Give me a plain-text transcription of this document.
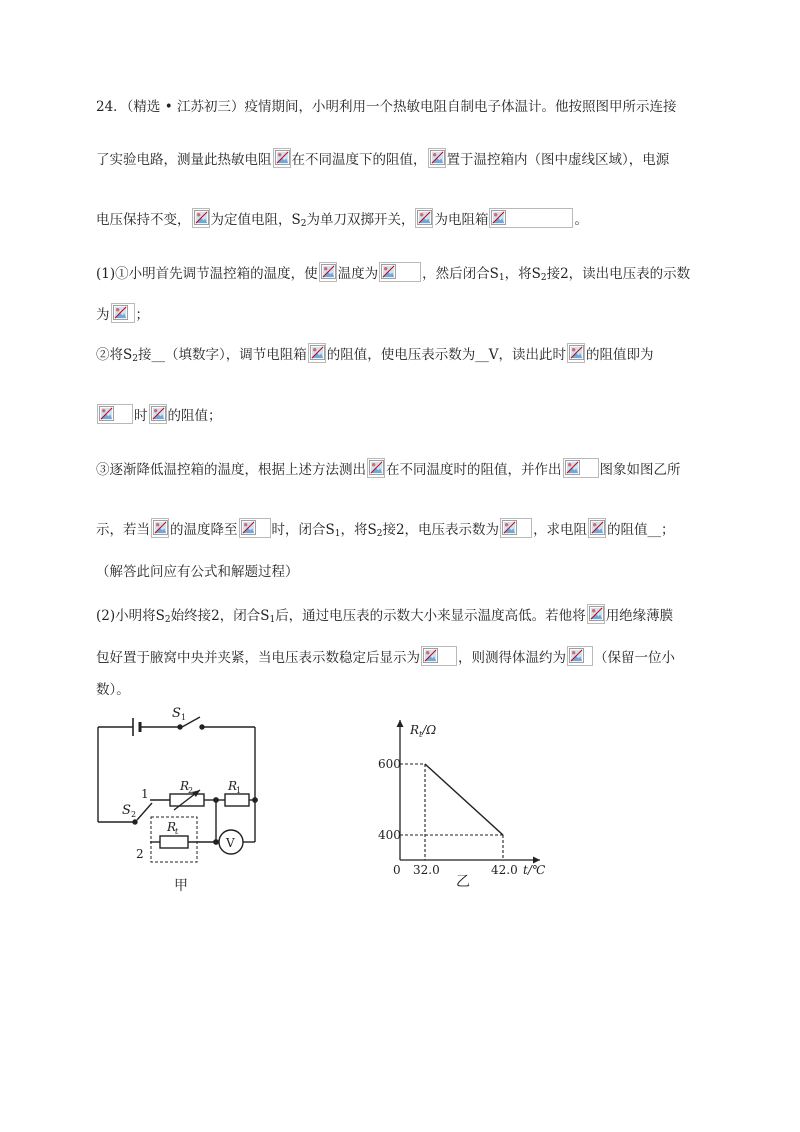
24．（精选 • 江苏初三）疫情期间，小明利用一个热敏电阻自制电子体温计。他按照图甲所示连接
了实验电路，测量此热敏电阻 在不同温度下的阻值， 置于温控箱内（图中虚线区域），电源
电压保持不变， 为定值电阻，$S_2$为单刀双掷开关， 为电阻箱	。
(1)①小明首先调节温控箱的温度，使 温度为	，然后闭合$S_1$，将$S_2$接2，读出电压表的示数
为 ；
②将$S_2$接__（填数字），调节电阻箱 的阻值，使电压表示数为__V，读出此时 的阻值即为
时 的阻值；
③逐渐降低温控箱的温度，根据上述方法测出 在不同温度时的阻值，并作出	图象如图乙所
示，若当 的温度降至	时，闭合$S_1$，将$S_2$接2，电压表示数为	，求电阻 的阻值__；
（解答此问应有公式和解题过程）
(2)小明将$S_2$始终接2，闭合$S_1$后，通过电压表的示数大小来显示温度高低。若他将 用绝缘薄膜
包好置于腋窝中央并夹紧，当电压表示数稳定后显示为	，则测得体温约为 （保留一位小
数）。
S 1
S 2
R
2	R
1
R
t
V
1
2
甲
600
400
32.0	42.0
$R_t/\Omega$
t/℃
0
乙
